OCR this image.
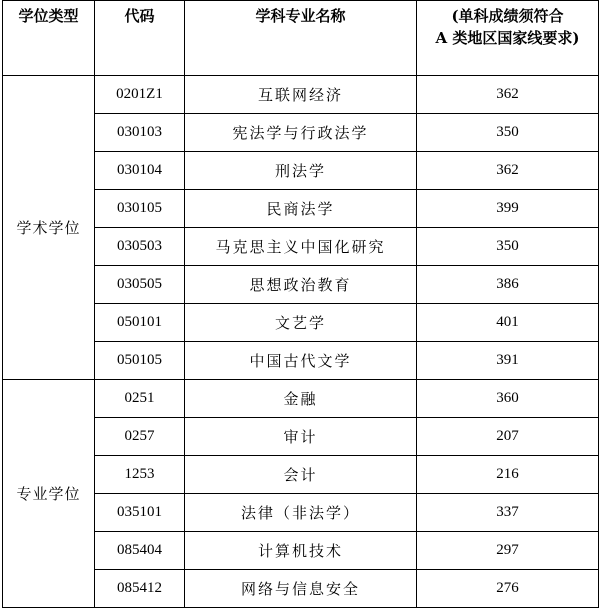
学位类型	代码	学科专业名称	(单科成绩须符合
A 类地区国家线要求)

学术学位	0201Z1	互联网经济	362
	030103	宪法学与行政法学	350
	030104	刑法学	362
	030105	民商法学	399
	030503	马克思主义中国化研究	350
	030505	思想政治教育	386
	050101	文艺学	401
	050105	中国古代文学	391
专业学位	0251	金融	360
	0257	审计	207
	1253	会计	216
	035101	法律（非法学）	337
	085404	计算机技术	297
	085412	网络与信息安全	276
